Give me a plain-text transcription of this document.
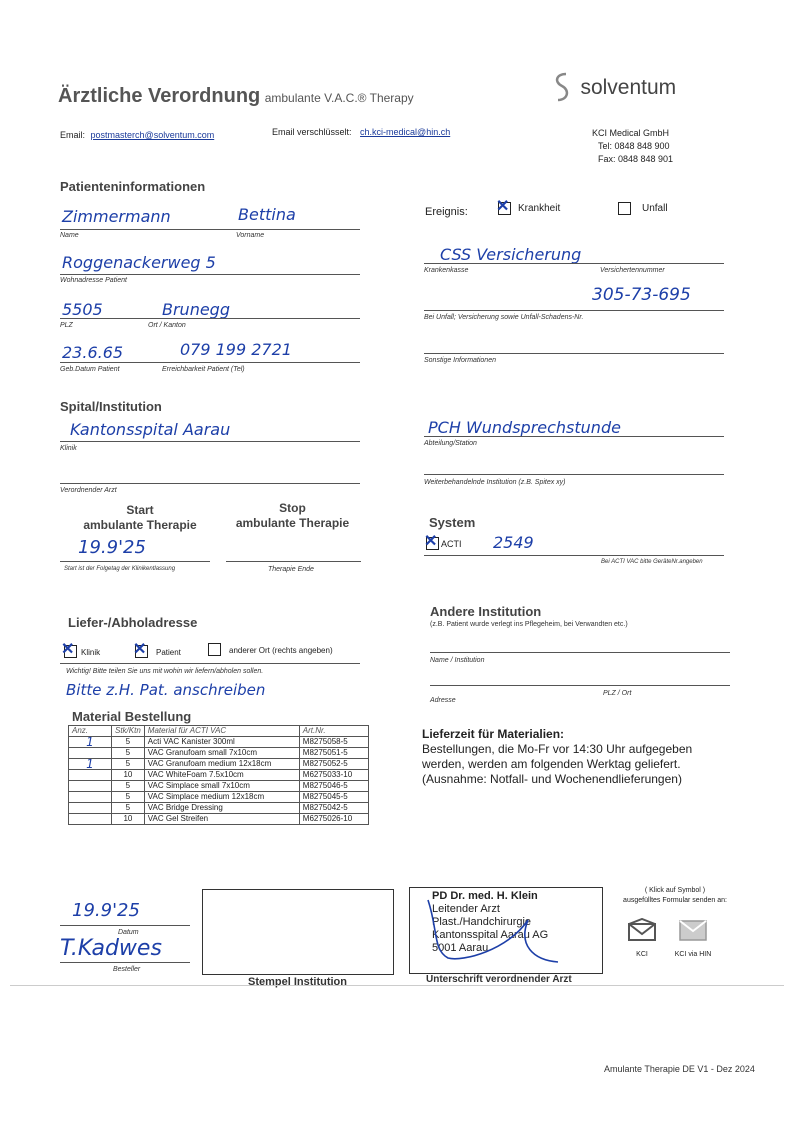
Ärztliche Verordnung ambulante V.A.C.® Therapy	solventum
Email: postmasterch@solventum.com	Email verschlüsselt: ch.kci-medical@hin.ch	KCI Medical GmbH
Tel: 0848 848 900
Fax: 0848 848 901
Patienteninformationen
Zimmermann	Bettina
Name	Vorname
Roggenackerweg 5
Wohnadresse Patient
5505	Brunegg
PLZ	Ort / Kanton
23.6.65	079 199 2721
Geb.Datum Patient	Erreichbarkeit Patient (Tel)
Ereignis: ✕ Krankheit	Unfall
CSS Versicherung
Krankenkasse	Versichertennummer
305-73-695
Bei Unfall; Versicherung sowie Unfall-Schadens-Nr.
Sonstige Informationen
Spital/Institution
Kantonsspital Aarau
Klinik
PCH Wundsprechstunde
Abteilung/Station
Verordnender Arzt
Weiterbehandelnde Institution (z.B. Spitex xy)
Start
ambulante Therapie
Stop
ambulante Therapie
19.9'25
Start ist der Folgetag der Klinikentlassung	Therapie Ende
System
✕ ACTI 2549
Bei ACTI VAC bitte GeräteNr.angeben
Liefer-/Abholadresse
✕ Klinik ✕ Patient	anderer Ort (rechts angeben)
Wichtig! Bitte teilen Sie uns mit wohin wir liefern/abholen sollen.
Bitte z.H. Pat. anschreiben
Andere Institution
(z.B. Patient wurde verlegt ins Pflegeheim, bei Verwandten etc.)
Name / Institution
Adresse
PLZ / Ort
Material Bestellung
Anz.	Stk/Ktn	Material für ACTI VAC	Art.Nr.
1	5	Acti VAC Kanister 300ml	M8275058-5
	5	VAC Granufoam small 7x10cm	M8275051-5
1	5	VAC Granufoam medium 12x18cm	M8275052-5
	10	VAC WhiteFoam 7.5x10cm	M6275033-10
	5	VAC Simplace small 7x10cm	M8275046-5
	5	VAC Simplace medium 12x18cm	M8275045-5
	5	VAC Bridge Dressing	M8275042-5
	10	VAC Gel Streifen	M6275026-10
Lieferzeit für Materialien:
Bestellungen, die Mo-Fr vor 14:30 Uhr aufgegeben
werden, werden am folgenden Werktag geliefert.
(Ausnahme: Notfall- und Wochenendlieferungen)
19.9'25
Datum
T.Kadwes
Besteller
Stempel Institution
PD Dr. med. H. Klein
Leitender Arzt
Plast./Handchirurgie
Kantonsspital Aarau AG
5001 Aarau
Unterschrift verordnender Arzt
( Klick auf Symbol )
ausgefülltes Formular senden an:
KCI	KCI via HIN
Amulante Therapie DE V1 - Dez 2024
